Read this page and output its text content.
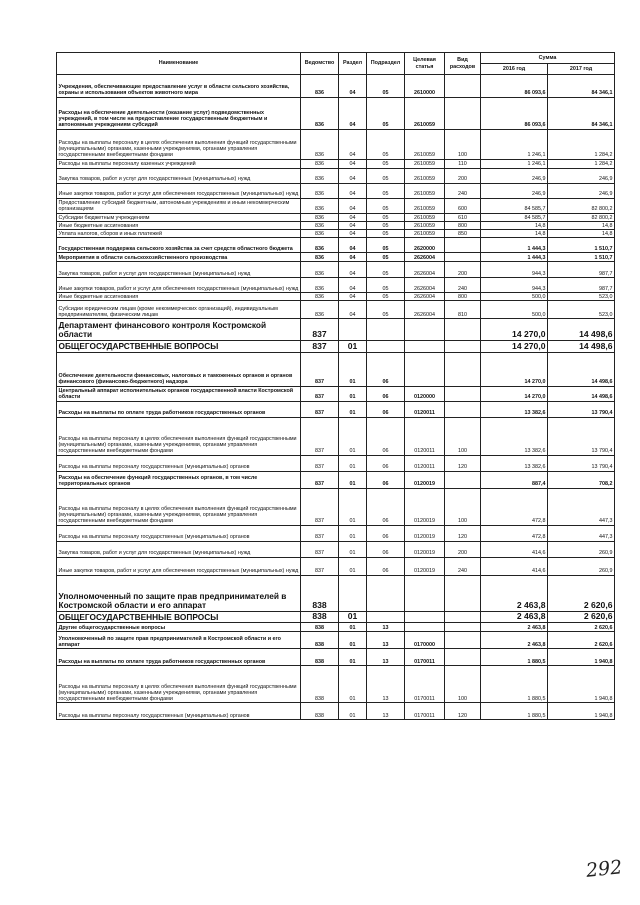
Наименование	Ведомство	Раздел	Подраздел	Целевая статья	Вид расходов	Сумма	
						2016 год	2017 год
Учреждения, обеспечивающие предоставление услуг в области сельского хозяйства, охраны и использования объектов животного мира	836	04	05	2610000		86 093,6	84 346,1
Расходы на обеспечение деятельности (оказание услуг) подведомственных учреждений, в том числе на предоставление государственным бюджетным и автономным учреждениям субсидий	836	04	05	2610059		86 093,6	84 346,1
Расходы на выплаты персоналу в целях обеспечения выполнения функций государственными (муниципальными) органами, казенными учреждениями, органами управления государственными внебюджетными фондами	836	04	05	2610059	100	1 246,1	1 284,2
Расходы на выплаты персоналу казенных учреждений	836	04	05	2610059	110	1 246,1	1 284,2
Закупка товаров, работ и услуг для государственных (муниципальных) нужд	836	04	05	2610059	200	246,9	246,9
Иные закупки товаров, работ и услуг для обеспечения государственных (муниципальных) нужд	836	04	05	2610059	240	246,9	246,9
Предоставление субсидий бюджетным, автономным учреждениям и иным некоммерческим организациям	836	04	05	2610059	600	84 585,7	82 800,2
Субсидии бюджетным учреждениям	836	04	05	2610059	610	84 585,7	82 800,2
Иные бюджетные ассигнования	836	04	05	2610059	800	14,8	14,8
Уплата налогов, сборов и иных платежей	836	04	05	2610059	850	14,8	14,8
Государственная поддержка сельского хозяйства за счет средств областного бюджета	836	04	05	2620000		1 444,3	1 510,7
Мероприятия в области сельскохозяйственного производства	836	04	05	2626004		1 444,3	1 510,7
Закупка товаров, работ и услуг для государственных (муниципальных) нужд	836	04	05	2626004	200	944,3	987,7
Иные закупки товаров, работ и услуг для обеспечения государственных (муниципальных) нужд	836	04	05	2626004	240	944,3	987,7
Иные бюджетные ассигнования	836	04	05	2626004	800	500,0	523,0
Субсидии юридическим лицам (кроме некоммерческих организаций), индивидуальным предпринимателям, физическим лицам	836	04	05	2626004	810	500,0	523,0
Департамент финансового контроля Костромской области	837					14 270,0	14 498,6
ОБЩЕГОСУДАРСТВЕННЫЕ ВОПРОСЫ	837	01				14 270,0	14 498,6
Обеспечение деятельности финансовых, налоговых и таможенных органов и органов финансового (финансово-бюджетного) надзора	837	01	06			14 270,0	14 498,6
Центральный аппарат исполнительных органов государственной власти Костромской области	837	01	06	0120000		14 270,0	14 498,6
Расходы на выплаты по оплате труда работников государственных органов	837	01	06	0120011		13 382,6	13 790,4
Расходы на выплаты персоналу в целях обеспечения выполнения функций государственными (муниципальными) органами, казенными учреждениями, органами управления государственными внебюджетными фондами	837	01	06	0120011	100	13 382,6	13 790,4
Расходы на выплаты персоналу государственных (муниципальных) органов	837	01	06	0120011	120	13 382,6	13 790,4
Расходы на обеспечение функций государственных органов, в том числе территориальных органов	837	01	06	0120019		887,4	708,2
Расходы на выплаты персоналу в целях обеспечения выполнения функций государственными (муниципальными) органами, казенными учреждениями, органами управления государственными внебюджетными фондами	837	01	06	0120019	100	472,8	447,3
Расходы на выплаты персоналу государственных (муниципальных) органов	837	01	06	0120019	120	472,8	447,3
Закупка товаров, работ и услуг для государственных (муниципальных) нужд	837	01	06	0120019	200	414,6	260,9
Иные закупки товаров, работ и услуг для обеспечения государственных (муниципальных) нужд	837	01	06	0120019	240	414,6	260,9
Уполномоченный по защите прав предпринимателей в Костромской области и его аппарат	838					2 463,8	2 620,6
ОБЩЕГОСУДАРСТВЕННЫЕ ВОПРОСЫ	838	01				2 463,8	2 620,6
Другие общегосударственные вопросы	838	01	13			2 463,8	2 620,6
Уполномоченный по защите прав предпринимателей в Костромской области и его аппарат	838	01	13	0170000		2 463,8	2 620,6
Расходы на выплаты по оплате труда работников государственных органов	838	01	13	0170011		1 880,5	1 940,8
Расходы на выплаты персоналу в целях обеспечения выполнения функций государственными (муниципальными) органами, казенными учреждениями, органами управления государственными внебюджетными фондами	838	01	13	0170011	100	1 880,5	1 940,8
Расходы на выплаты персоналу государственных (муниципальных) органов	838	01	13	0170011	120	1 880,5	1 940,8
292
